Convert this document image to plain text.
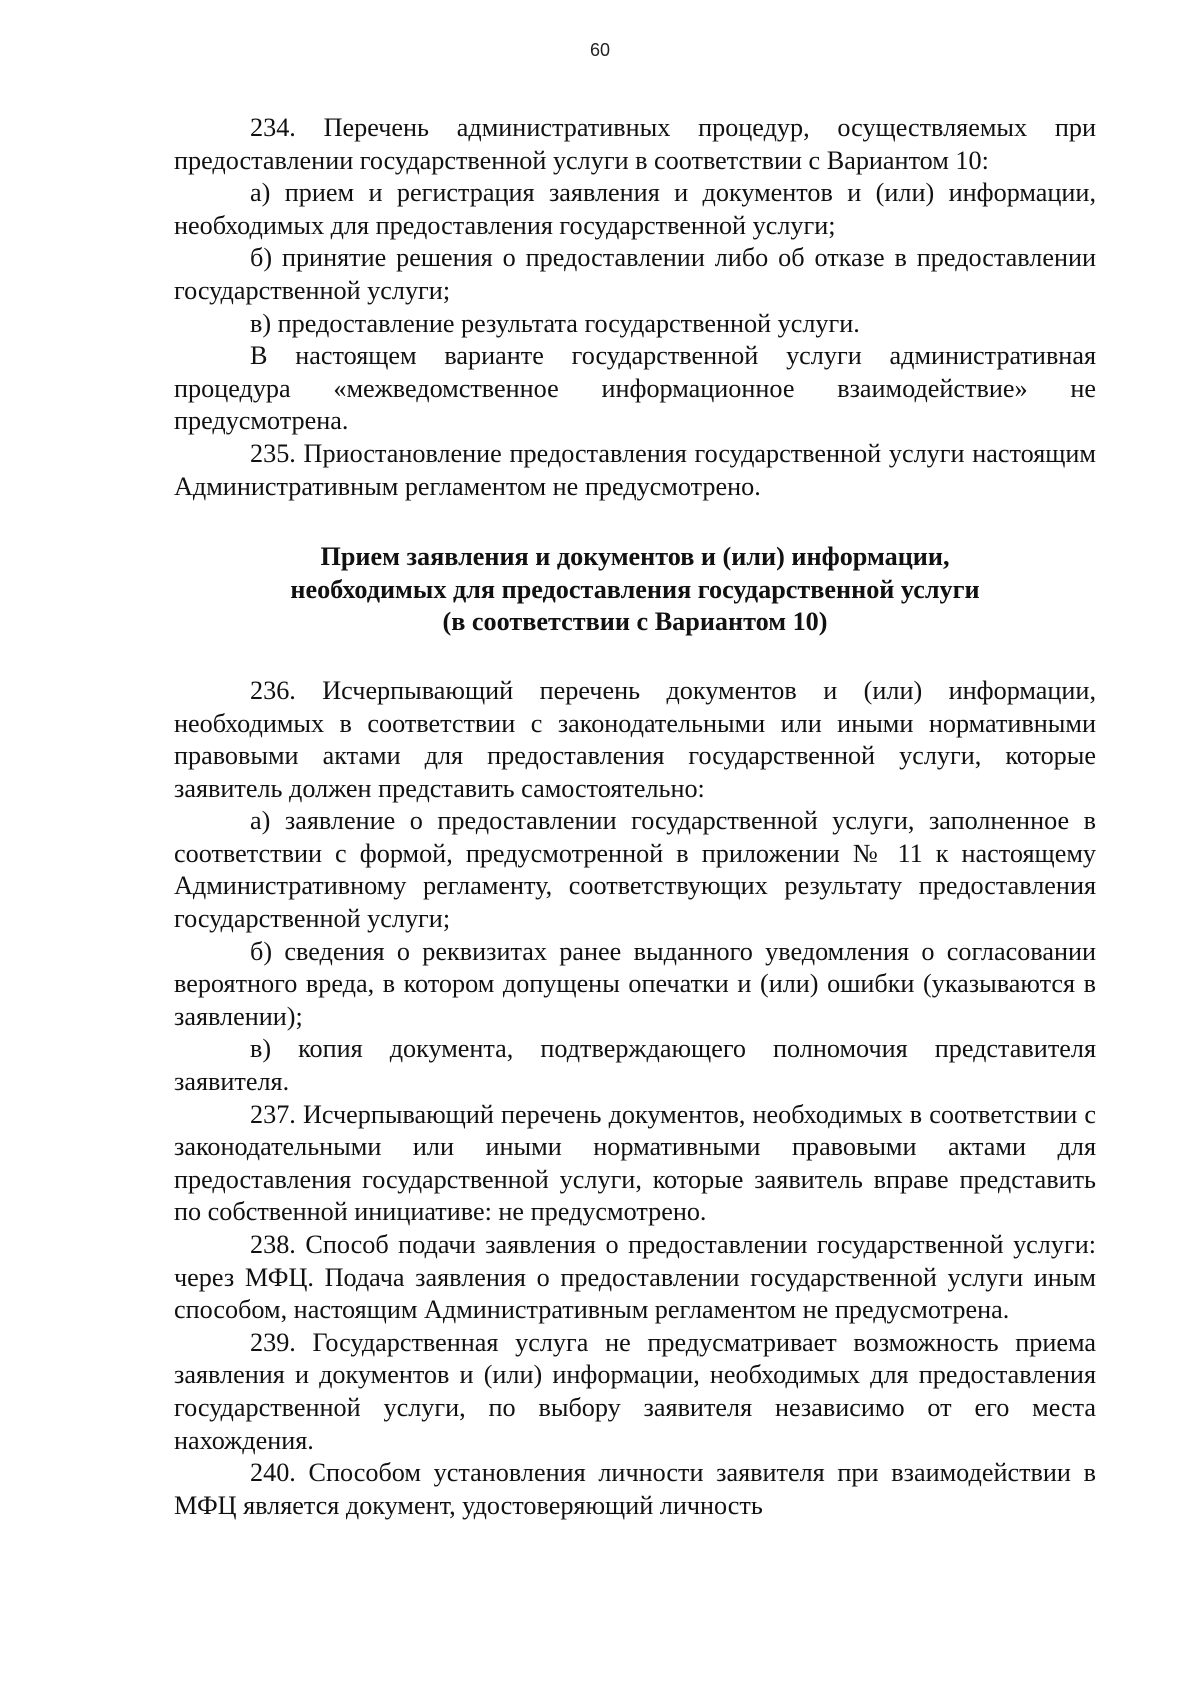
60

234. Перечень административных процедур, осуществляемых при предоставлении государственной услуги в соответствии с Вариантом 10:

а) прием и регистрация заявления и документов и (или) информации, необходимых для предоставления государственной услуги;

б) принятие решения о предоставлении либо об отказе в предоставлении государственной услуги;

в) предоставление результата государственной услуги.

В настоящем варианте государственной услуги административная процедура «межведомственное информационное взаимодействие» не предусмотрена.

235. Приостановление предоставления государственной услуги настоящим Административным регламентом не предусмотрено.

Прием заявления и документов и (или) информации,
необходимых для предоставления государственной услуги
(в соответствии с Вариантом 10)

236. Исчерпывающий перечень документов и (или) информации, необходимых в соответствии с законодательными или иными нормативными правовыми актами для предоставления государственной услуги, которые заявитель должен представить самостоятельно:

а) заявление о предоставлении государственной услуги, заполненное в соответствии с формой, предусмотренной в приложении № 11 к настоящему Административному регламенту, соответствующих результату предоставления государственной услуги;

б) сведения о реквизитах ранее выданного уведомления о согласовании вероятного вреда, в котором допущены опечатки и (или) ошибки (указываются в заявлении);

в) копия документа, подтверждающего полномочия представителя заявителя.

237. Исчерпывающий перечень документов, необходимых в соответствии с законодательными или иными нормативными правовыми актами для предоставления государственной услуги, которые заявитель вправе представить по собственной инициативе: не предусмотрено.

238. Способ подачи заявления о предоставлении государственной услуги: через МФЦ. Подача заявления о предоставлении государственной услуги иным способом, настоящим Административным регламентом не предусмотрена.

239. Государственная услуга не предусматривает возможность приема заявления и документов и (или) информации, необходимых для предоставления государственной услуги, по выбору заявителя независимо от его места нахождения.

240. Способом установления личности заявителя при взаимодействии в МФЦ является документ, удостоверяющий личность
